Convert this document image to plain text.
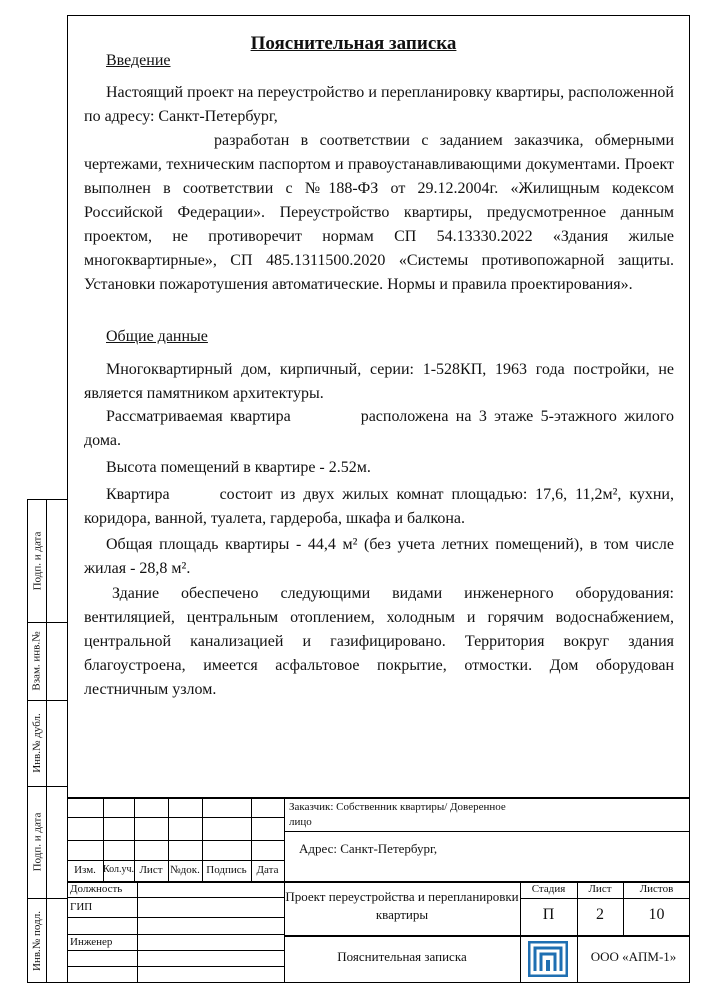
Подп. и дата
Взам. инв.№
Инв.№ дубл.
Подп. и дата
Инв.№ подл.
Пояснительная записка
Введение
Настоящий проект на переустройство и перепланировку квартиры, расположенной по адресу: Санкт-Петербург,
разработан в соответствии с заданием заказчика, обмерными чертежами, техническим паспортом и правоустанавливающими документами. Проект выполнен в соответствии с №188-ФЗ от 29.12.2004г. «Жилищным кодексом Российской Федерации». Переустройство квартиры, предусмотренное данным проектом, не противоречит нормам СП 54.13330.2022 «Здания жилые многоквартирные», СП 485.1311500.2020 «Системы противопожарной защиты. Установки пожаротушения автоматические. Нормы и правила проектирования».
Общие данные
Многоквартирный дом, кирпичный, серии: 1-528КП, 1963 года постройки, не является памятником архитектуры.
Рассматриваемая квартира	расположена на 3 этаже 5-этажного жилого дома.
Высота помещений в квартире - 2.52м.
Квартира	состоит из двух жилых комнат площадью: 17,6, 11,2м², кухни, коридора, ванной, туалета, гардероба, шкафа и балкона.
Общая площадь квартиры - 44,4 м² (без учета летних помещений), в том числе жилая - 28,8 м².
Здание обеспечено следующими видами инженерного оборудования: вентиляцией, центральным отоплением, холодным и горячим водоснабжением, центральной канализацией и газифицировано. Территория вокруг здания благоустроена, имеется асфальтовое покрытие, отмостки. Дом оборудован лестничным узлом.
Заказчик: Собственник квартиры/ Доверенное лицо
Адрес: Санкт-Петербург,
Изм. Кол.уч. Лист №док. Подпись Дата
Должность
ГИП
Инженер
Проект переустройства и перепланировки квартиры
Пояснительная записка
Стадия	Лист	Листов
П	2	10
ООО «АПМ-1»
